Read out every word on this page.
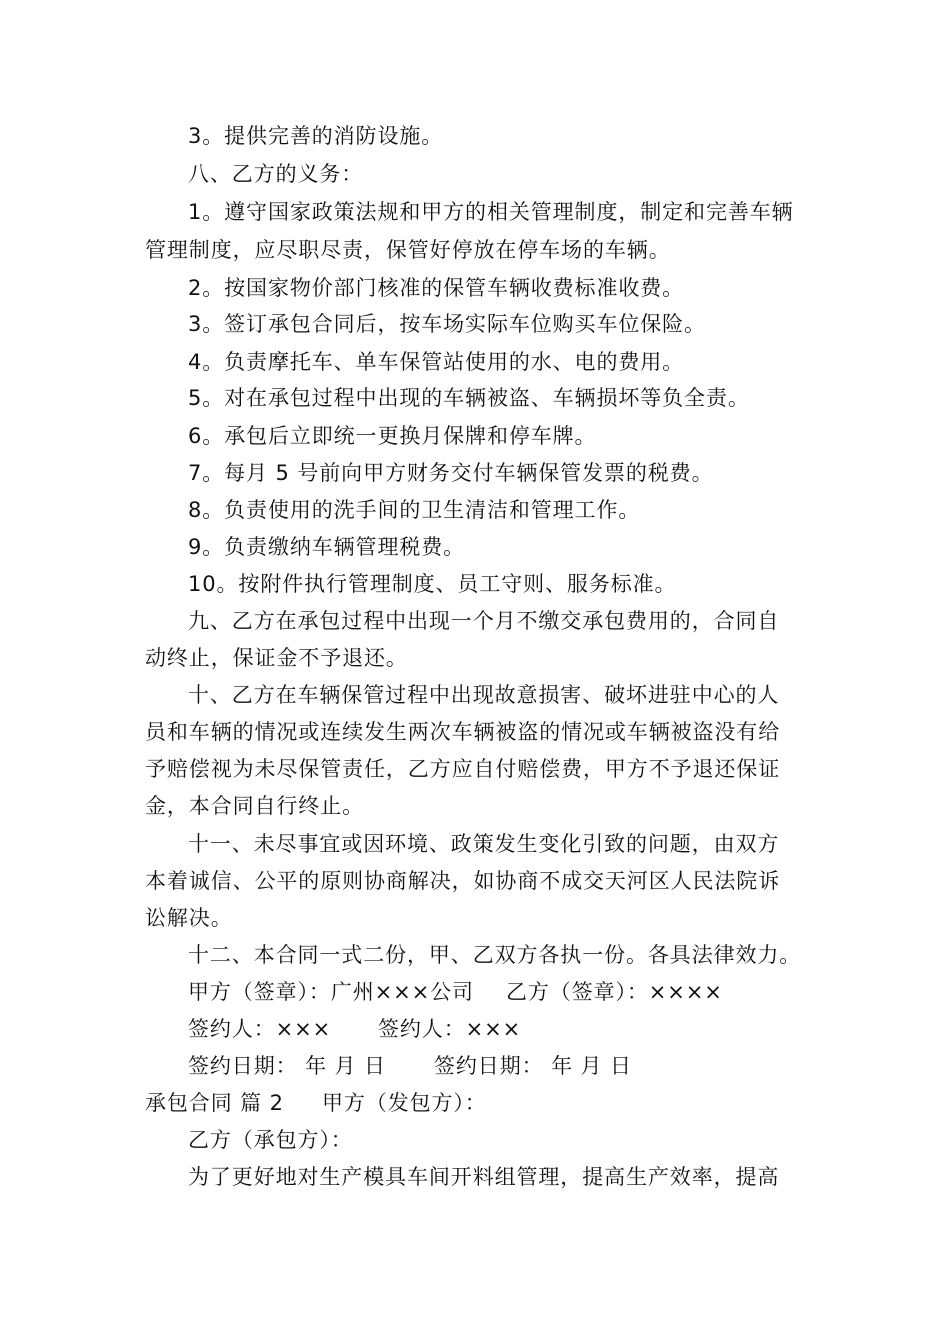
3。提供完善的消防设施。
八、乙方的义务：
1。遵守国家政策法规和甲方的相关管理制度，制定和完善车辆
管理制度，应尽职尽责，保管好停放在停车场的车辆。
2。按国家物价部门核准的保管车辆收费标准收费。
3。签订承包合同后，按车场实际车位购买车位保险。
4。负责摩托车、单车保管站使用的水、电的费用。
5。对在承包过程中出现的车辆被盗、车辆损坏等负全责。
6。承包后立即统一更换月保牌和停车牌。
7。每月 5 号前向甲方财务交付车辆保管发票的税费。
8。负责使用的洗手间的卫生清洁和管理工作。
9。负责缴纳车辆管理税费。
10。按附件执行管理制度、员工守则、服务标准。
九、乙方在承包过程中出现一个月不缴交承包费用的，合同自
动终止，保证金不予退还。
十、乙方在车辆保管过程中出现故意损害、破坏进驻中心的人
员和车辆的情况或连续发生两次车辆被盗的情况或车辆被盗没有给
予赔偿视为未尽保管责任，乙方应自付赔偿费，甲方不予退还保证
金，本合同自行终止。
十一、未尽事宜或因环境、政策发生变化引致的问题，由双方
本着诚信、公平的原则协商解决，如协商不成交天河区人民法院诉
讼解决。
十二、本合同一式二份，甲、乙双方各执一份。各具法律效力。
甲方（签章）：广州×××公司 乙方（签章）：××××
签约人：××× 签约人：×××
签约日期： 年 月 日 签约日期： 年 月 日
承包合同 篇 2 甲方（发包方）：
乙方（承包方）：
为了更好地对生产模具车间开料组管理，提高生产效率，提高
